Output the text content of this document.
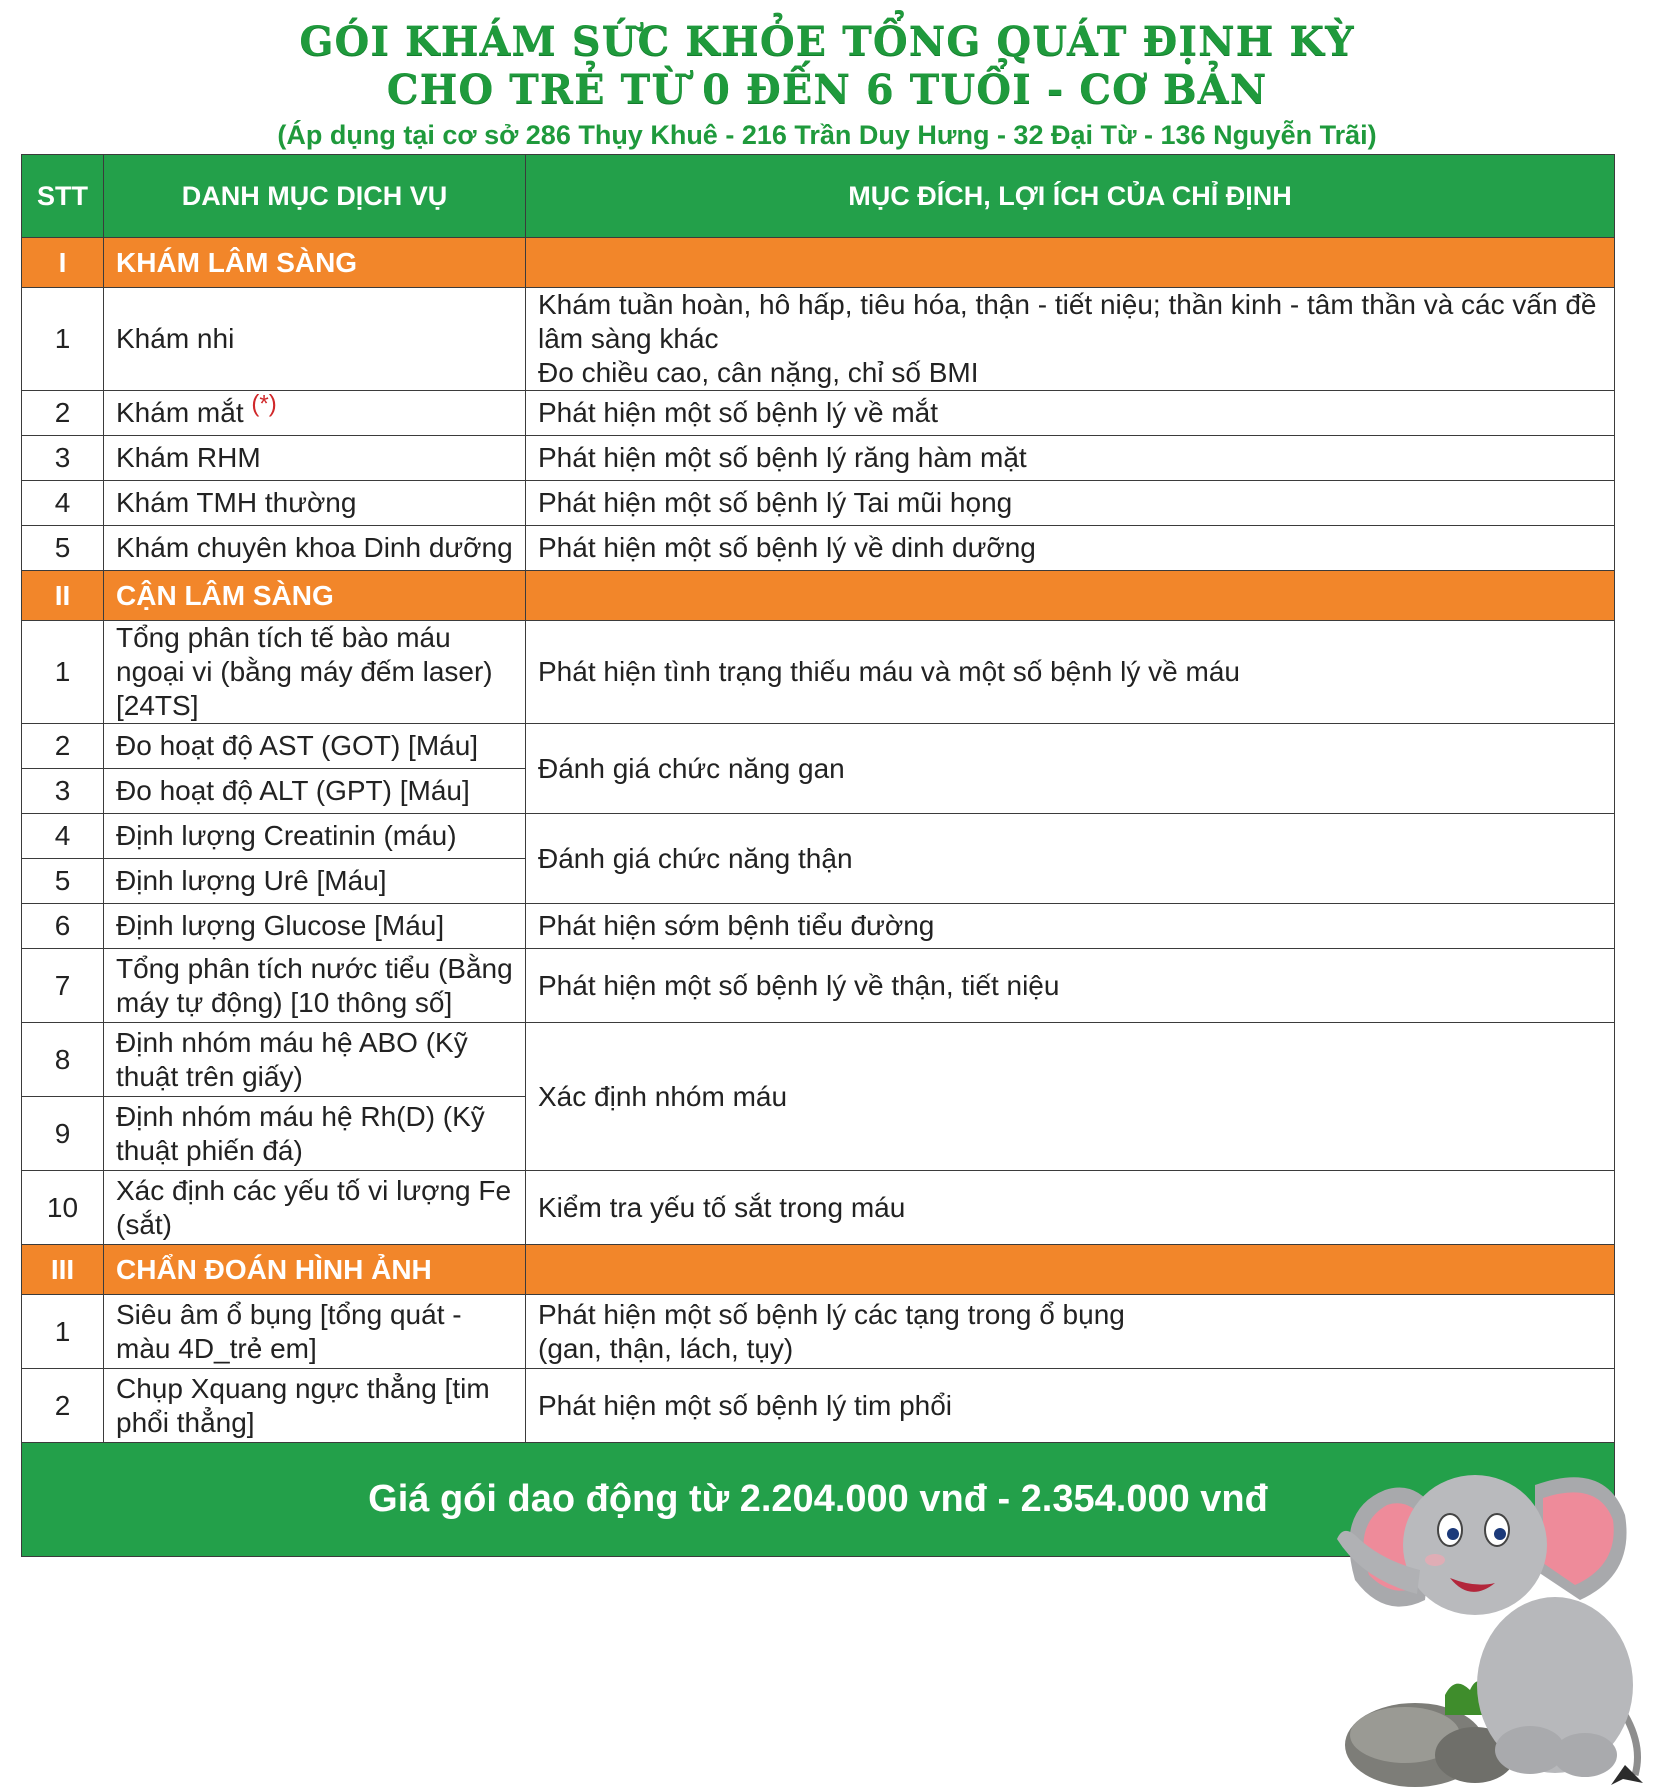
GÓI KHÁM SỨC KHỎE TỔNG QUÁT ĐỊNH KỲ
CHO TRẺ TỪ 0 ĐẾN 6 TUỔI - CƠ BẢN
(Áp dụng tại cơ sở 286 Thụy Khuê - 216 Trần Duy Hưng - 32 Đại Từ - 136 Nguyễn Trãi)
STT	DANH MỤC DỊCH VỤ	MỤC ĐÍCH, LỢI ÍCH CỦA CHỈ ĐỊNH
I	KHÁM LÂM SÀNG	
1	Khám nhi	Khám tuần hoàn, hô hấp, tiêu hóa, thận - tiết niệu; thần kinh - tâm thần và các vấn đề lâm sàng khác
Đo chiều cao, cân nặng, chỉ số BMI

2	Khám mắt (*)	Phát hiện một số bệnh lý về mắt
3	Khám RHM	Phát hiện một số bệnh lý răng hàm mặt
4	Khám TMH thường	Phát hiện một số bệnh lý Tai mũi họng
5	Khám chuyên khoa Dinh dưỡng	Phát hiện một số bệnh lý về dinh dưỡng
II	CẬN LÂM SÀNG	
1	Tổng phân tích tế bào máu ngoại vi (bằng máy đếm laser) [24TS]	Phát hiện tình trạng thiếu máu và một số bệnh lý về máu
2	Đo hoạt độ AST (GOT) [Máu]	Đánh giá chức năng gan
3	Đo hoạt độ ALT (GPT) [Máu]	
4	Định lượng Creatinin (máu)	Đánh giá chức năng thận
5	Định lượng Urê [Máu]	
6	Định lượng Glucose [Máu]	Phát hiện sớm bệnh tiểu đường
7	Tổng phân tích nước tiểu (Bằng máy tự động) [10 thông số]	Phát hiện một số bệnh lý về thận, tiết niệu
8	Định nhóm máu hệ ABO (Kỹ thuật trên giấy)	Xác định nhóm máu
9	Định nhóm máu hệ Rh(D) (Kỹ thuật phiến đá)	
10	Xác định các yếu tố vi lượng Fe (sắt)	Kiểm tra yếu tố sắt trong máu
III	CHẨN ĐOÁN HÌNH ẢNH	
1	Siêu âm ổ bụng [tổng quát - màu 4D_trẻ em]	Phát hiện một số bệnh lý các tạng trong ổ bụng
(gan, thận, lách, tụy)

2	Chụp Xquang ngực thẳng [tim phổi thẳng]	Phát hiện một số bệnh lý tim phổi
Giá gói dao động từ 2.204.000 vnđ - 2.354.000 vnđ		
